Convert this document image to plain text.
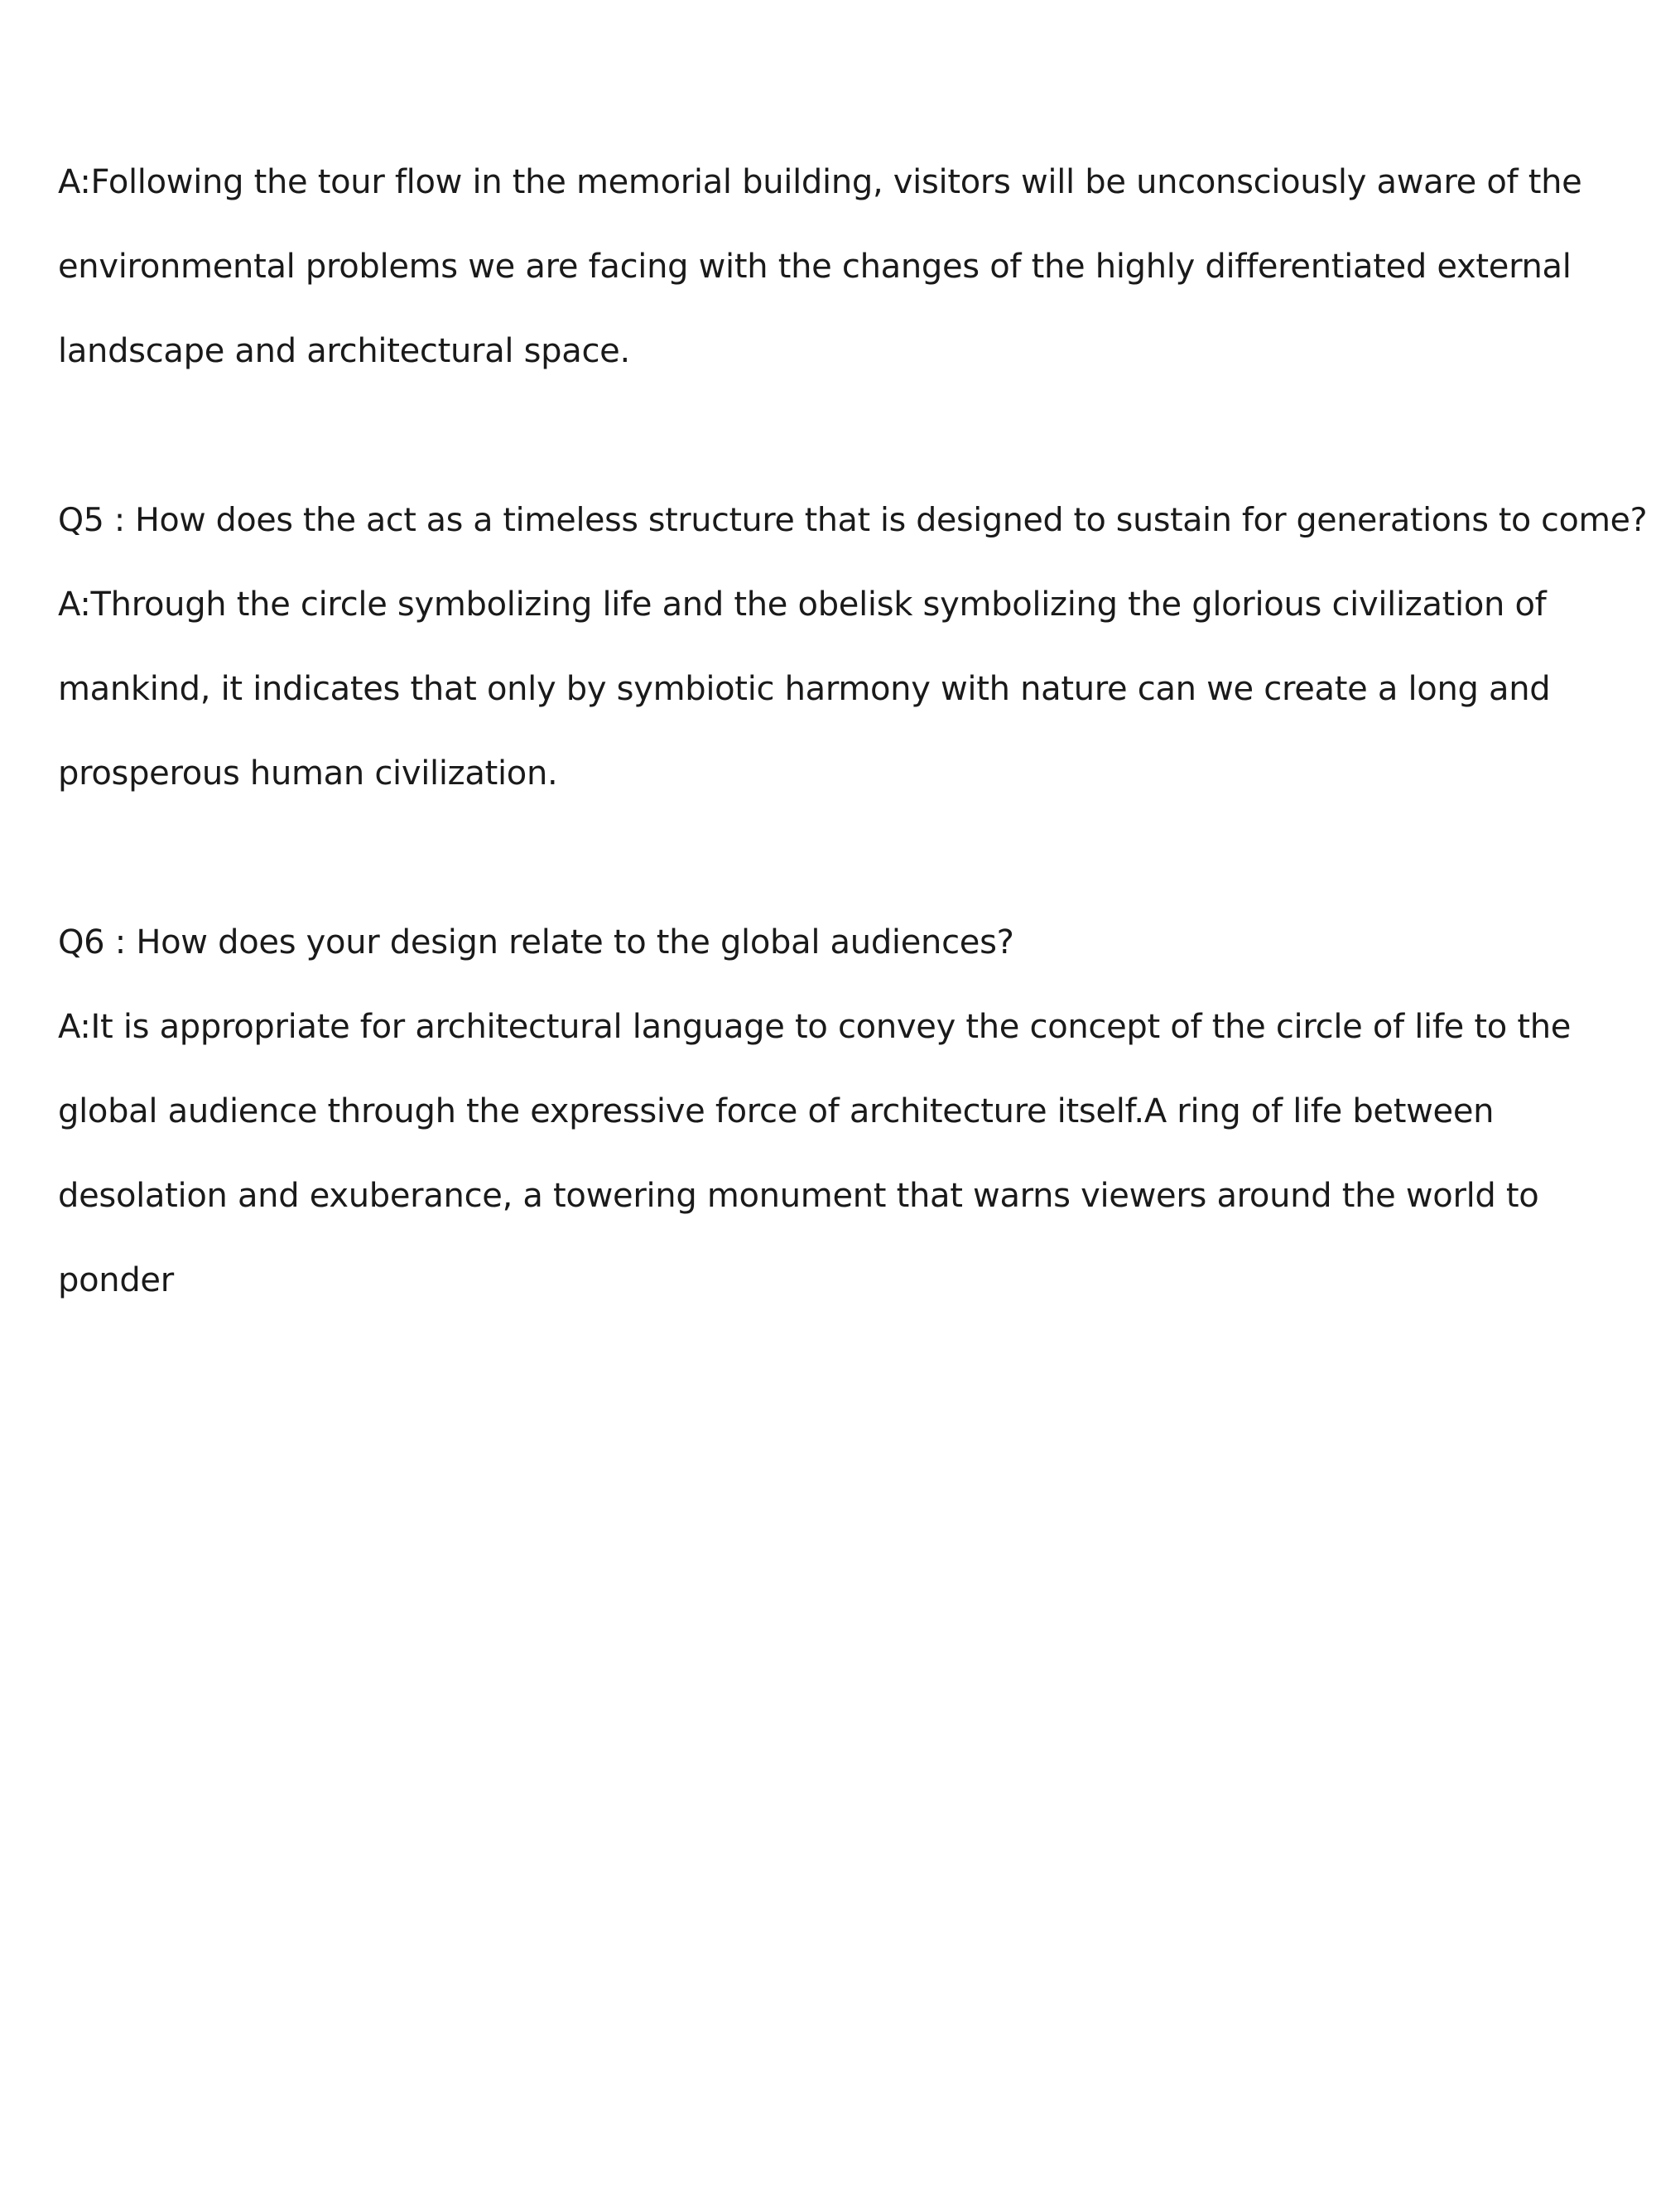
A:Following the tour flow in the memorial building, visitors will be unconsciously aware of the

environmental problems we are facing with the changes of the highly differentiated external

landscape and architectural space.

Q5 : How does the act as a timeless structure that is designed to sustain for generations to come?

A:Through the circle symbolizing life and the obelisk symbolizing the glorious civilization of

mankind, it indicates that only by symbiotic harmony with nature can we create a long and

prosperous human civilization.

Q6 : How does your design relate to the global audiences?

A:It is appropriate for architectural language to convey the concept of the circle of life to the

global audience through the expressive force of architecture itself.A ring of life between

desolation and exuberance, a towering monument that warns viewers around the world to

ponder
